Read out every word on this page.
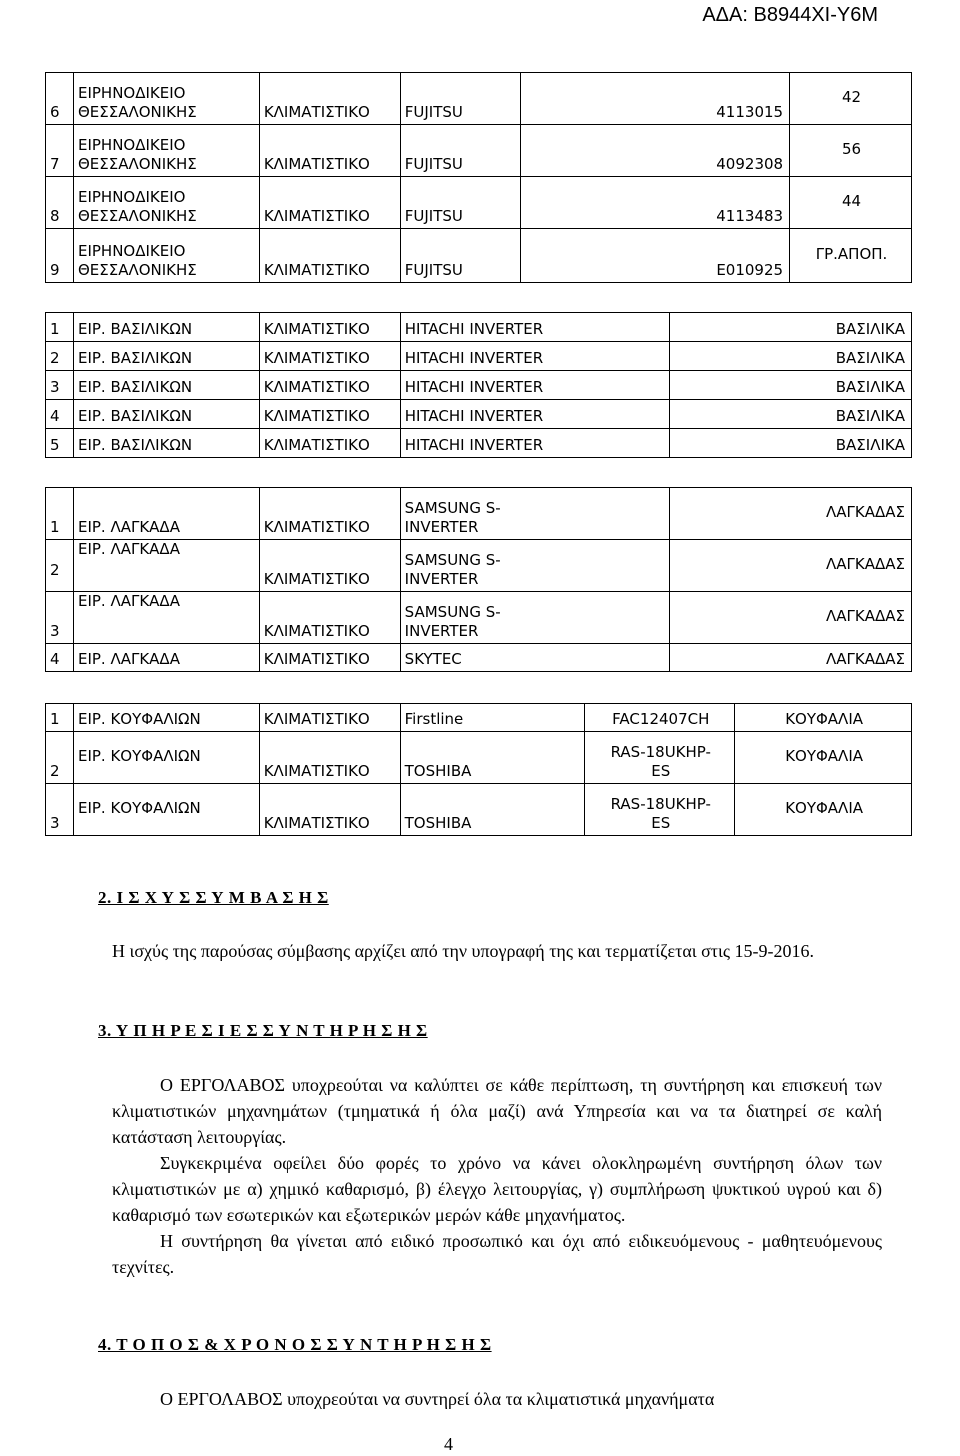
ΑΔΑ: Β8944ΧΙ-Υ6Μ
6	ΕΙΡΗΝΟΔΙΚΕΙΟ
ΘΕΣΣΑΛΟΝΙΚΗΣ	ΚΛΙΜΑΤΙΣΤΙΚΟ	FUJITSU	4113015	42
7	ΕΙΡΗΝΟΔΙΚΕΙΟ
ΘΕΣΣΑΛΟΝΙΚΗΣ	ΚΛΙΜΑΤΙΣΤΙΚΟ	FUJITSU	4092308	56
8	ΕΙΡΗΝΟΔΙΚΕΙΟ
ΘΕΣΣΑΛΟΝΙΚΗΣ	ΚΛΙΜΑΤΙΣΤΙΚΟ	FUJITSU	4113483	44
9	ΕΙΡΗΝΟΔΙΚΕΙΟ
ΘΕΣΣΑΛΟΝΙΚΗΣ	ΚΛΙΜΑΤΙΣΤΙΚΟ	FUJITSU	E010925	ΓΡ.ΑΠΟΠ.
1	ΕΙΡ. ΒΑΣΙΛΙΚΩΝ	ΚΛΙΜΑΤΙΣΤΙΚΟ	HITACHI INVERTER	ΒΑΣΙΛΙΚΑ
2	ΕΙΡ. ΒΑΣΙΛΙΚΩΝ	ΚΛΙΜΑΤΙΣΤΙΚΟ	HITACHI INVERTER	ΒΑΣΙΛΙΚΑ
3	ΕΙΡ. ΒΑΣΙΛΙΚΩΝ	ΚΛΙΜΑΤΙΣΤΙΚΟ	HITACHI INVERTER	ΒΑΣΙΛΙΚΑ
4	ΕΙΡ. ΒΑΣΙΛΙΚΩΝ	ΚΛΙΜΑΤΙΣΤΙΚΟ	HITACHI INVERTER	ΒΑΣΙΛΙΚΑ
5	ΕΙΡ. ΒΑΣΙΛΙΚΩΝ	ΚΛΙΜΑΤΙΣΤΙΚΟ	HITACHI INVERTER	ΒΑΣΙΛΙΚΑ
1	ΕΙΡ. ΛΑΓΚΑΔΑ	ΚΛΙΜΑΤΙΣΤΙΚΟ	SAMSUNG S-
INVERTER	ΛΑΓΚΑΔΑΣ
2	ΕΙΡ. ΛΑΓΚΑΔΑ	ΚΛΙΜΑΤΙΣΤΙΚΟ	SAMSUNG S-
INVERTER	ΛΑΓΚΑΔΑΣ
3	ΕΙΡ. ΛΑΓΚΑΔΑ	ΚΛΙΜΑΤΙΣΤΙΚΟ	SAMSUNG S-
INVERTER	ΛΑΓΚΑΔΑΣ
4	ΕΙΡ. ΛΑΓΚΑΔΑ	ΚΛΙΜΑΤΙΣΤΙΚΟ	SKYTEC	ΛΑΓΚΑΔΑΣ
1	ΕΙΡ. ΚΟΥΦΑΛΙΩΝ	ΚΛΙΜΑΤΙΣΤΙΚΟ	Firstline	FAC12407CH	ΚΟΥΦΑΛΙΑ
2	ΕΙΡ. ΚΟΥΦΑΛΙΩΝ	ΚΛΙΜΑΤΙΣΤΙΚΟ	TOSHIBA	RAS-18UKHP-
ES	ΚΟΥΦΑΛΙΑ
3	ΕΙΡ. ΚΟΥΦΑΛΙΩΝ	ΚΛΙΜΑΤΙΣΤΙΚΟ	TOSHIBA	RAS-18UKHP-
ES	ΚΟΥΦΑΛΙΑ
2. Ι Σ Χ Υ Σ Σ Υ Μ Β Α Σ Η Σ

Η ισχύς της παρούσας σύμβασης αρχίζει από την υπογραφή της και τερματίζεται στις 15-9-2016.

3. Υ Π Η Ρ Ε Σ Ι Ε Σ Σ Υ Ν Τ Η Ρ Η Σ Η Σ

Ο ΕΡΓΟΛΑΒΟΣ υποχρεούται να καλύπτει σε κάθε περίπτωση, τη συντήρηση και επισκευή των κλιματιστικών μηχανημάτων (τμηματικά ή όλα μαζί) ανά Υπηρεσία και να τα διατηρεί σε καλή κατάσταση λειτουργίας.

Συγκεκριμένα οφείλει δύο φορές το χρόνο να κάνει ολοκληρωμένη συντήρηση όλων των κλιματιστικών με α) χημικό καθαρισμό, β) έλεγχο λειτουργίας, γ) συμπλήρωση ψυκτικού υγρού και δ) καθαρισμό των εσωτερικών και εξωτερικών μερών κάθε μηχανήματος.

Η συντήρηση θα γίνεται από ειδικό προσωπικό και όχι από ειδικευόμενους - μαθητευόμενους τεχνίτες.

4. Τ Ο Π Ο Σ & Χ Ρ Ο Ν Ο Σ Σ Υ Ν Τ Η Ρ Η Σ Η Σ

Ο ΕΡΓΟΛΑΒΟΣ υποχρεούται να συντηρεί όλα τα κλιματιστικά μηχανήματα

4
